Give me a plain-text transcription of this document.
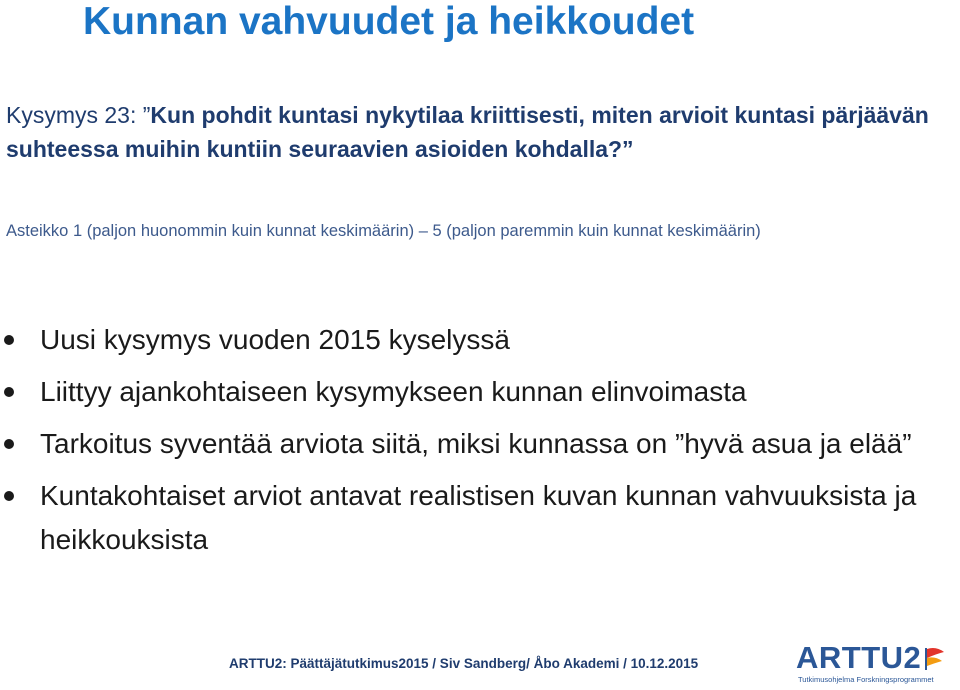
Kunnan vahvuudet ja heikkoudet
Kysymys 23: ”Kun pohdit kuntasi nykytilaa kriittisesti, miten arvioit kuntasi pärjäävän suhteessa muihin kuntiin seuraavien asioiden kohdalla?”
Asteikko 1 (paljon huonommin kuin kunnat keskimäärin) – 5 (paljon paremmin kuin kunnat keskimäärin)
Uusi kysymys vuoden 2015 kyselyssä
Liittyy ajankohtaiseen kysymykseen kunnan elinvoimasta
Tarkoitus syventää arviota siitä, miksi kunnassa on ”hyvä asua ja elää”
Kuntakohtaiset arviot antavat realistisen kuvan kunnan vahvuuksista ja heikkouksista
ARTTU2: Päättäjätutkimus2015 / Siv Sandberg/ Åbo Akademi / 10.12.2015	ARTTU2
Tutkimusohjelma Forskningsprogrammet
